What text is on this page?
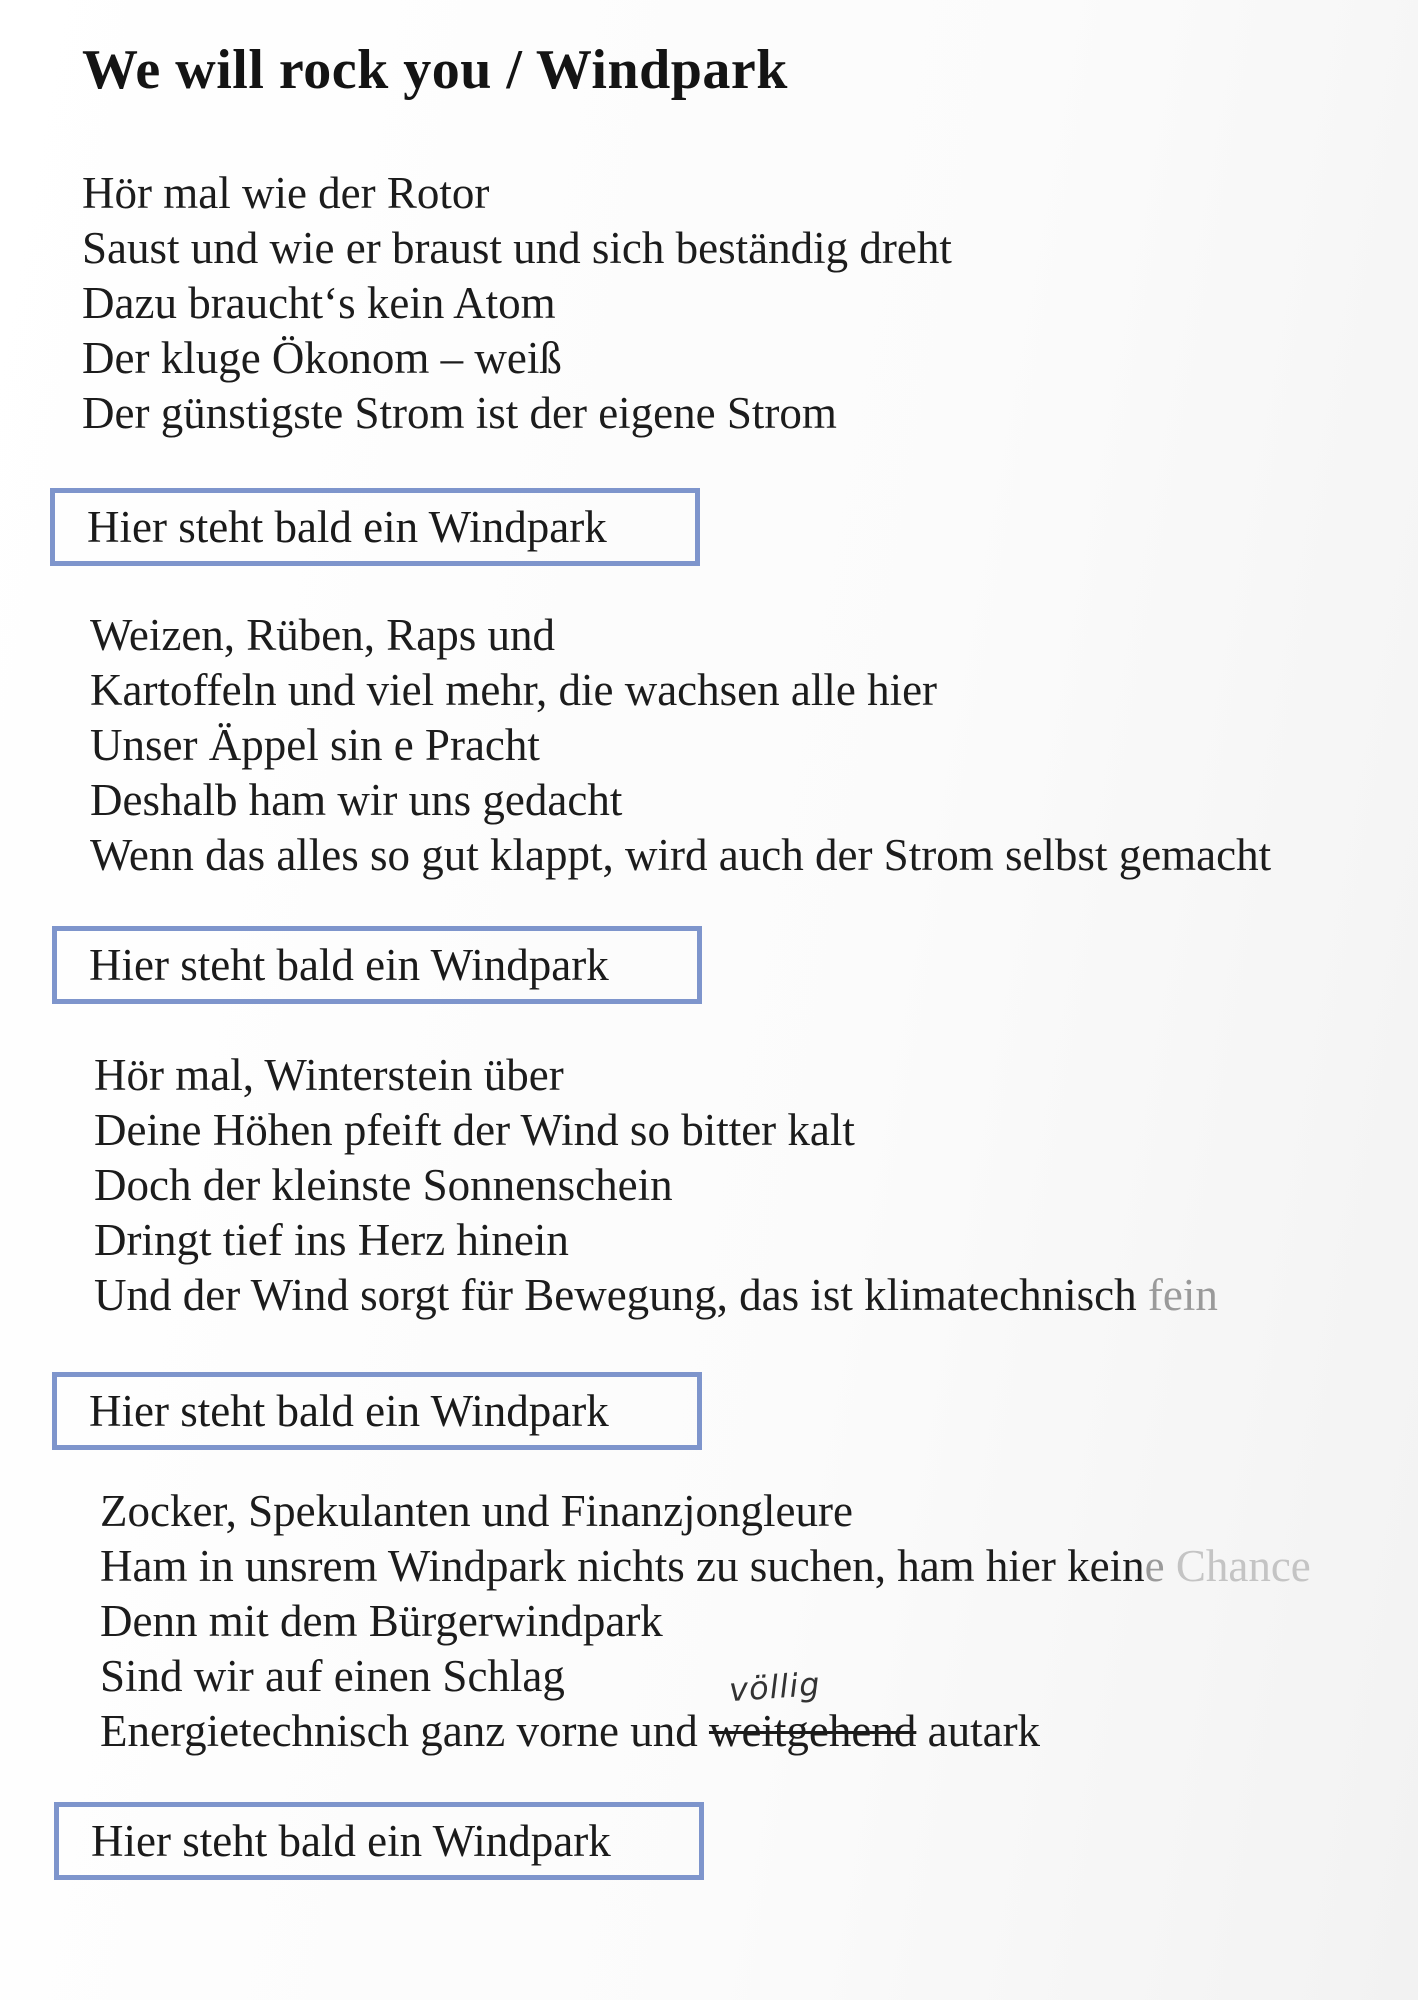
We will rock you / Windpark
Hör mal wie der Rotor
Saust und wie er braust und sich beständig dreht
Dazu braucht‘s kein Atom
Der kluge Ökonom – weiß
Der günstigste Strom ist der eigene Strom
Hier steht bald ein Windpark
Weizen, Rüben, Raps und
Kartoffeln und viel mehr, die wachsen alle hier
Unser Äppel sin e Pracht
Deshalb ham wir uns gedacht
Wenn das alles so gut klappt, wird auch der Strom selbst gemacht
Hier steht bald ein Windpark
Hör mal, Winterstein über
Deine Höhen pfeift der Wind so bitter kalt
Doch der kleinste Sonnenschein
Dringt tief ins Herz hinein
Und der Wind sorgt für Bewegung, das ist klimatechnisch fein
Hier steht bald ein Windpark
Zocker, Spekulanten und Finanzjongleure
Ham in unsrem Windpark nichts zu suchen, ham hier keine Chance
Denn mit dem Bürgerwindpark
Sind wir auf einen Schlag
Energietechnisch ganz vorne und weitgehend
völlig
autark
Hier steht bald ein Windpark
